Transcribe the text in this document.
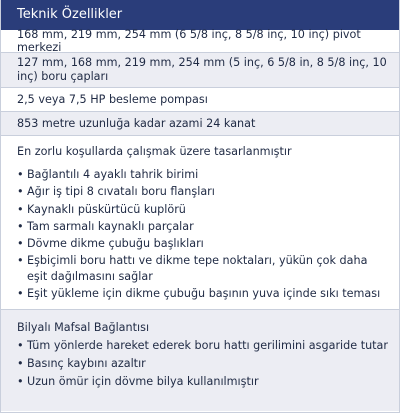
Teknik Özellikler
168 mm, 219 mm, 254 mm (6 5/8 inç, 8 5/8 inç, 10 inç) pivot merkezi
127 mm, 168 mm, 219 mm, 254 mm (5 inç, 6 5/8 in, 8 5/8 inç, 10 inç) boru çapları
2,5 veya 7,5 HP besleme pompası
853 metre uzunluğa kadar azami 24 kanat
En zorlu koşullarda çalışmak üzere tasarlanmıştır
• Bağlantılı 4 ayaklı tahrik birimi
• Ağır iş tipi 8 cıvatalı boru flanşları
• Kaynaklı püskürtücü kuplörü
• Tam sarmalı kaynaklı parçalar
• Dövme dikme çubuğu başlıkları
• Eşbiçimli boru hattı ve dikme tepe noktaları, yükün çok daha eşit dağılmasını sağlar
• Eşit yükleme için dikme çubuğu başının yuva içinde sıkı teması
Bilyalı Mafsal Bağlantısı
• Tüm yönlerde hareket ederek boru hattı gerilimini asgaride tutar
• Basınç kaybını azaltır
• Uzun ömür için dövme bilya kullanılmıştır
